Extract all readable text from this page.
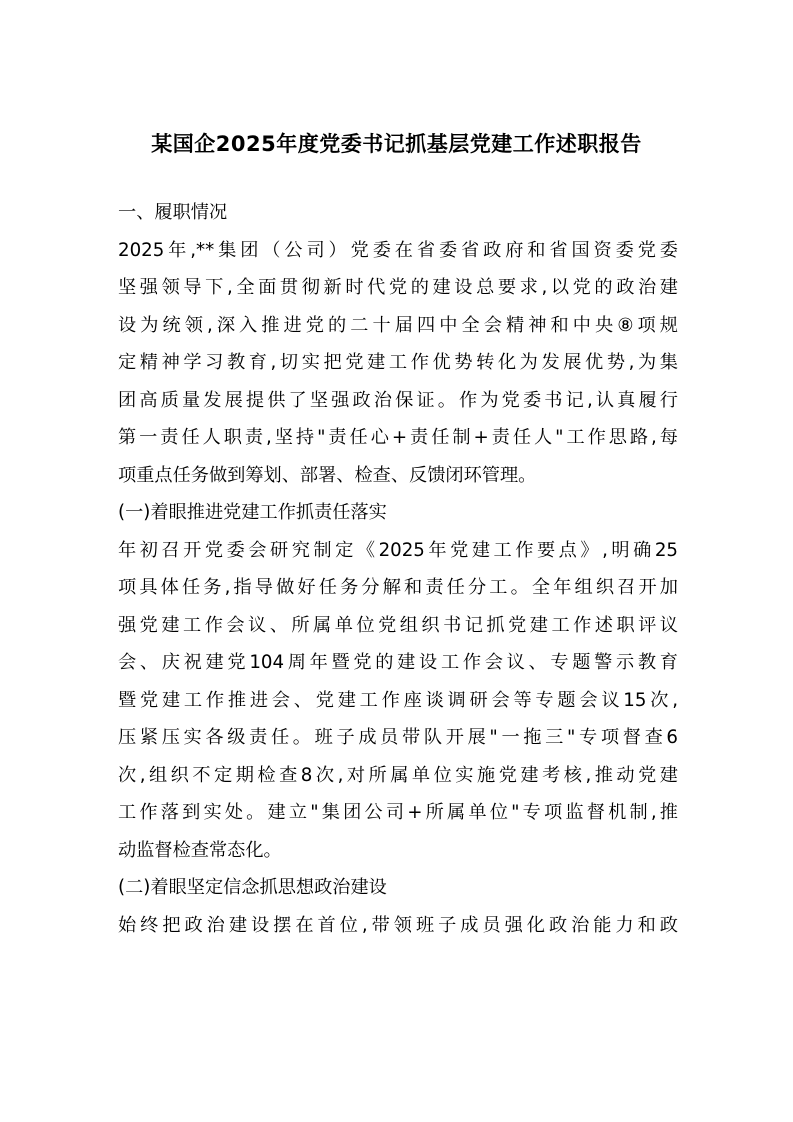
某国企2025年度党委书记抓基层党建工作述职报告
一、履职情况
2025年,**集团（公司）党委在省委省政府和省国资委党委
坚强领导下,全面贯彻新时代党的建设总要求,以党的政治建
设为统领,深入推进党的二十届四中全会精神和中央⑧项规
定精神学习教育,切实把党建工作优势转化为发展优势,为集
团高质量发展提供了坚强政治保证。作为党委书记,认真履行
第一责任人职责,坚持"责任心+责任制+责任人"工作思路,每
项重点任务做到筹划、部署、检查、反馈闭环管理。
(一)着眼推进党建工作抓责任落实
年初召开党委会研究制定《2025年党建工作要点》,明确25
项具体任务,指导做好任务分解和责任分工。全年组织召开加
强党建工作会议、所属单位党组织书记抓党建工作述职评议
会、庆祝建党104周年暨党的建设工作会议、专题警示教育
暨党建工作推进会、党建工作座谈调研会等专题会议15次,
压紧压实各级责任。班子成员带队开展"一拖三"专项督查6
次,组织不定期检查8次,对所属单位实施党建考核,推动党建
工作落到实处。建立"集团公司+所属单位"专项监督机制,推
动监督检查常态化。
(二)着眼坚定信念抓思想政治建设
始终把政治建设摆在首位,带领班子成员强化政治能力和政
